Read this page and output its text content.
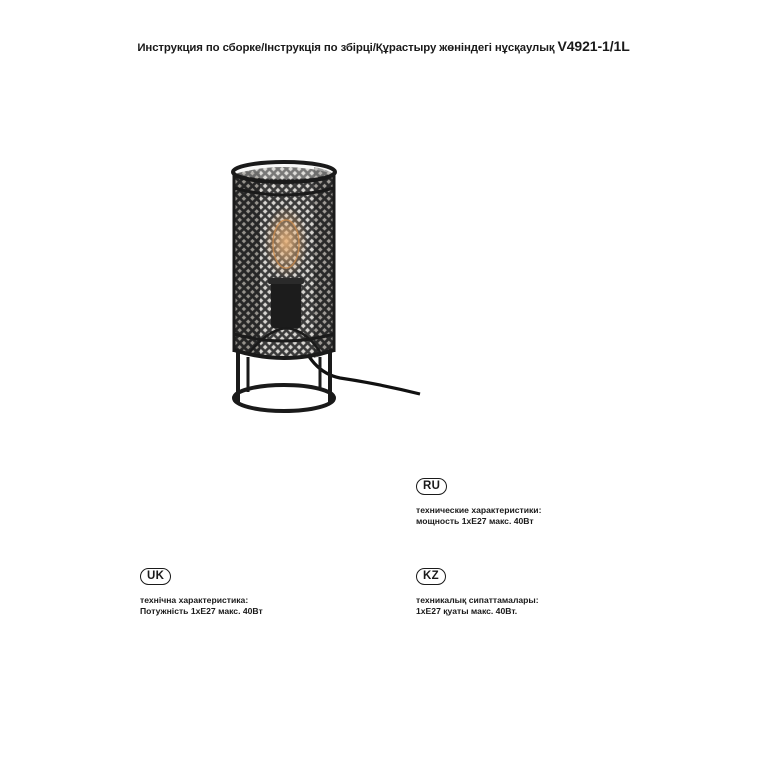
Инструкция по сборке/Інструкція по збірці/Құрастыру жөніндегі нұсқаулық V4921-1/1L
RU
технические характеристики:
мощность 1хЕ27 макс. 40Вт
UK
технічна характеристика:
Потужність 1хЕ27 макс. 40Вт
KZ
техникалық сипаттамалары:
1хЕ27 қуаты макс. 40Вт.
